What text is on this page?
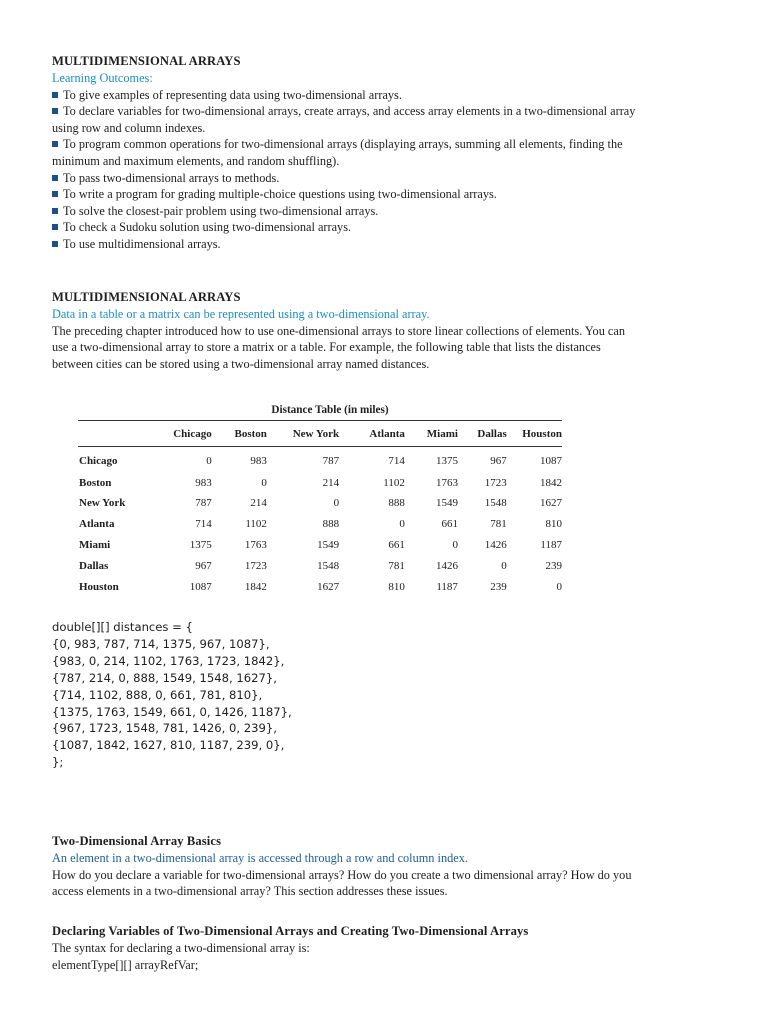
MULTIDIMENSIONAL ARRAYS

Learning Outcomes:

To give examples of representing data using two-dimensional arrays.

To declare variables for two-dimensional arrays, create arrays, and access array elements in a two-dimensional array

using row and column indexes.

To program common operations for two-dimensional arrays (displaying arrays, summing all elements, finding the

minimum and maximum elements, and random shuffling).

To pass two-dimensional arrays to methods.

To write a program for grading multiple-choice questions using two-dimensional arrays.

To solve the closest-pair problem using two-dimensional arrays.

To check a Sudoku solution using two-dimensional arrays.

To use multidimensional arrays.

MULTIDIMENSIONAL ARRAYS

Data in a table or a matrix can be represented using a two-dimensional array.

The preceding chapter introduced how to use one-dimensional arrays to store linear collections of elements. You can

use a two-dimensional array to store a matrix or a table. For example, the following table that lists the distances

between cities can be stored using a two-dimensional array named distances.

Distance Table (in miles)
	Chicago	Boston	New York	Atlanta	Miami	Dallas	Houston
Chicago	0	983	787	714	1375	967	1087
Boston	983	0	214	1102	1763	1723	1842
New York	787	214	0	888	1549	1548	1627
Atlanta	714	1102	888	0	661	781	810
Miami	1375	1763	1549	661	0	1426	1187
Dallas	967	1723	1548	781	1426	0	239
Houston	1087	1842	1627	810	1187	239	0
double[][] distances = {
{0, 983, 787, 714, 1375, 967, 1087},
{983, 0, 214, 1102, 1763, 1723, 1842},
{787, 214, 0, 888, 1549, 1548, 1627},
{714, 1102, 888, 0, 661, 781, 810},
{1375, 1763, 1549, 661, 0, 1426, 1187},
{967, 1723, 1548, 781, 1426, 0, 239},
{1087, 1842, 1627, 810, 1187, 239, 0},
};

Two-Dimensional Array Basics

An element in a two-dimensional array is accessed through a row and column index.

How do you declare a variable for two-dimensional arrays? How do you create a two dimensional array? How do you

access elements in a two-dimensional array? This section addresses these issues.

Declaring Variables of Two-Dimensional Arrays and Creating Two-Dimensional Arrays

The syntax for declaring a two-dimensional array is:

elementType[][] arrayRefVar;
